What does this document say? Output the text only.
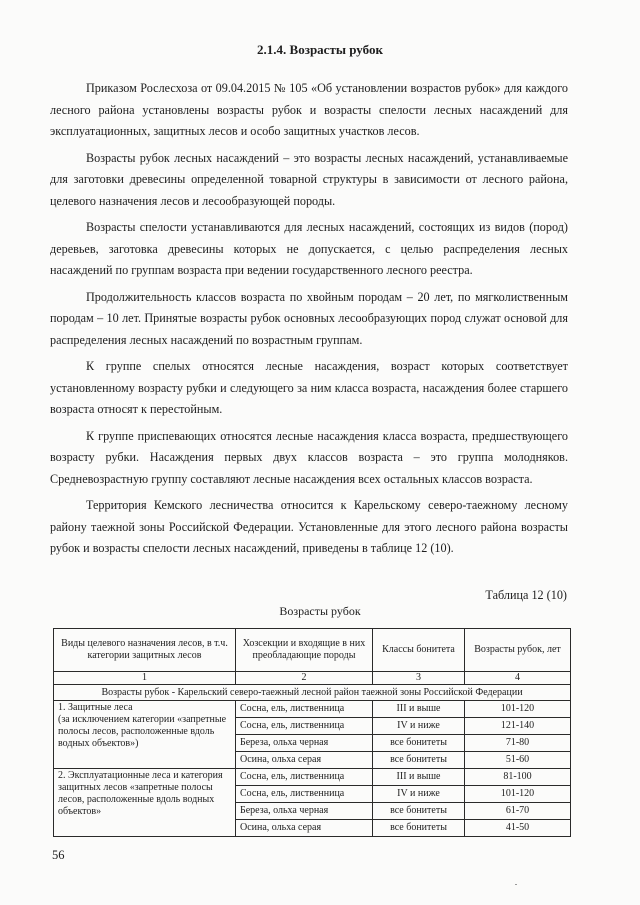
2.1.4. Возрасты рубок

Приказом Рослесхоза от 09.04.2015 № 105 «Об установлении возрастов рубок» для каждого лесного района установлены возрасты рубок и возрасты спелости лесных насаждений для эксплуатационных, защитных лесов и особо защитных участков лесов.

Возрасты рубок лесных насаждений – это возрасты лесных насаждений, устанавливаемые для заготовки древесины определенной товарной структуры в зависимости от лесного района, целевого назначения лесов и лесообразующей породы.

Возрасты спелости устанавливаются для лесных насаждений, состоящих из видов (пород) деревьев, заготовка древесины которых не допускается, с целью распределения лесных насаждений по группам возраста при ведении государственного лесного реестра.

Продолжительность классов возраста по хвойным породам – 20 лет, по мягколиственным породам – 10 лет. Принятые возрасты рубок основных лесообразующих пород служат основой для распределения лесных насаждений по возрастным группам.

К группе спелых относятся лесные насаждения, возраст которых соответствует установленному возрасту рубки и следующего за ним класса возраста, насаждения более старшего возраста относят к перестойным.

К группе приспевающих относятся лесные насаждения класса возраста, предшествующего возрасту рубки. Насаждения первых двух классов возраста – это группа молодняков. Средневозрастную группу составляют лесные насаждения всех остальных классов возраста.

Территория Кемского лесничества относится к Карельскому северо-таежному лесному району таежной зоны Российской Федерации. Установленные для этого лесного района возрасты рубок и возрасты спелости лесных насаждений, приведены в таблице 12 (10).

Таблица 12 (10)
Возрасты рубок
Виды целевого назначения лесов, в т.ч. категории защитных лесов	Хозсекции и входящие в них преобладающие породы	Классы бонитета	Возрасты рубок, лет
1	2	3	4
Возрасты рубок - Карельский северо-таежный лесной район таежной зоны Российской Федерации			
1. Защитные леса
(за исключением категории «запретные полосы лесов, расположенные вдоль водных объектов»)	Сосна, ель, лиственница	III и выше	101-120
	Сосна, ель, лиственница	IV и ниже	121-140
	Береза, ольха черная	все бонитеты	71-80
	Осина, ольха серая	все бонитеты	51-60
2. Эксплуатационные леса и категория защитных лесов «запретные полосы лесов, расположенные вдоль водных объектов»	Сосна, ель, лиственница	III и выше	81-100
	Сосна, ель, лиственница	IV и ниже	101-120
	Береза, ольха черная	все бонитеты	61-70
	Осина, ольха серая	все бонитеты	41-50
56
